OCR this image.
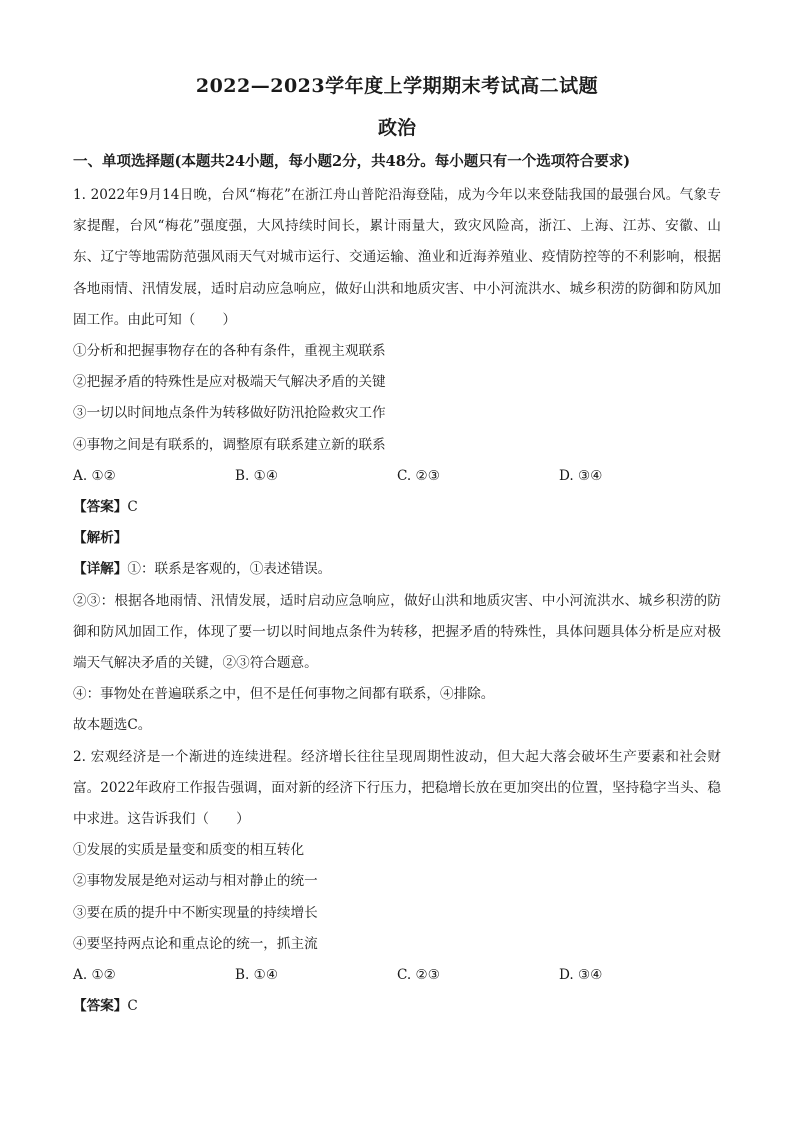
2022—2023学年度上学期期末考试高二试题
政治
一、单项选择题(本题共24小题，每小题2分，共48分。每小题只有一个选项符合要求)

1. 2022年9月14日晚，台风“梅花”在浙江舟山普陀沿海登陆，成为今年以来登陆我国的最强台风。气象专家提醒，台风“梅花”强度强，大风持续时间长，累计雨量大，致灾风险高，浙江、上海、江苏、安徽、山东、辽宁等地需防范强风雨天气对城市运行、交通运输、渔业和近海养殖业、疫情防控等的不利影响，根据各地雨情、汛情发展，适时启动应急响应，做好山洪和地质灾害、中小河流洪水、城乡积涝的防御和防风加固工作。由此可知（　　）

①分析和把握事物存在的各种有条件，重视主观联系

②把握矛盾的特殊性是应对极端天气解决矛盾的关键

③一切以时间地点条件为转移做好防汛抢险救灾工作

④事物之间是有联系的，调整原有联系建立新的联系

A. ①②	B. ①④	C. ②③	D. ③④

【答案】C

【解析】

【详解】①：联系是客观的，①表述错误。

②③：根据各地雨情、汛情发展，适时启动应急响应，做好山洪和地质灾害、中小河流洪水、城乡积涝的防御和防风加固工作，体现了要一切以时间地点条件为转移，把握矛盾的特殊性，具体问题具体分析是应对极端天气解决矛盾的关键，②③符合题意。

④：事物处在普遍联系之中，但不是任何事物之间都有联系，④排除。

故本题选C。

2. 宏观经济是一个渐进的连续进程。经济增长往往呈现周期性波动，但大起大落会破坏生产要素和社会财富。2022年政府工作报告强调，面对新的经济下行压力，把稳增长放在更加突出的位置，坚持稳字当头、稳中求进。这告诉我们（　　）

①发展的实质是量变和质变的相互转化

②事物发展是绝对运动与相对静止的统一

③要在质的提升中不断实现量的持续增长

④要坚持两点论和重点论的统一，抓主流

A. ①②	B. ①④	C. ②③	D. ③④

【答案】C
